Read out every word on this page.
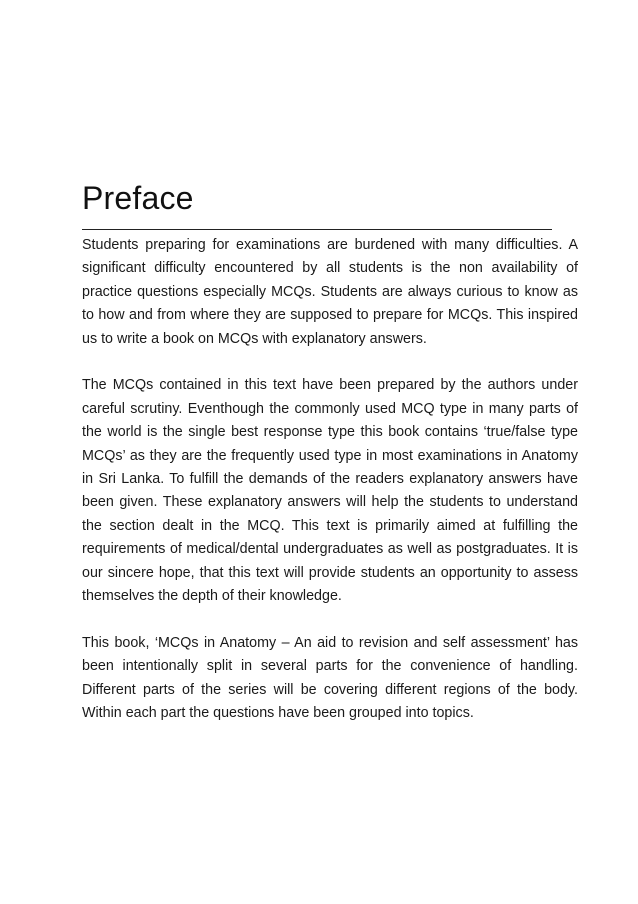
Preface

Students preparing for examinations are burdened with many difficulties. A significant difficulty encountered by all students is the non availability of practice questions especially MCQs. Students are always curious to know as to how and from where they are supposed to prepare for MCQs. This inspired us to write a book on MCQs with explanatory answers.

The MCQs contained in this text have been prepared by the authors under careful scrutiny. Eventhough the commonly used MCQ type in many parts of the world is the single best response type this book contains ‘true/false type MCQs’ as they are the frequently used type in most examinations in Anatomy in Sri Lanka. To fulfill the demands of the readers explanatory answers have been given. These explanatory answers will help the students to understand the section dealt in the MCQ. This text is primarily aimed at fulfilling the requirements of medical/dental undergraduates as well as postgraduates. It is our sincere hope, that this text will provide students an opportunity to assess themselves the depth of their knowledge.

This book, ‘MCQs in Anatomy – An aid to revision and self assessment’ has been intentionally split in several parts for the convenience of handling. Different parts of the series will be covering different regions of the body. Within each part the questions have been grouped into topics.
